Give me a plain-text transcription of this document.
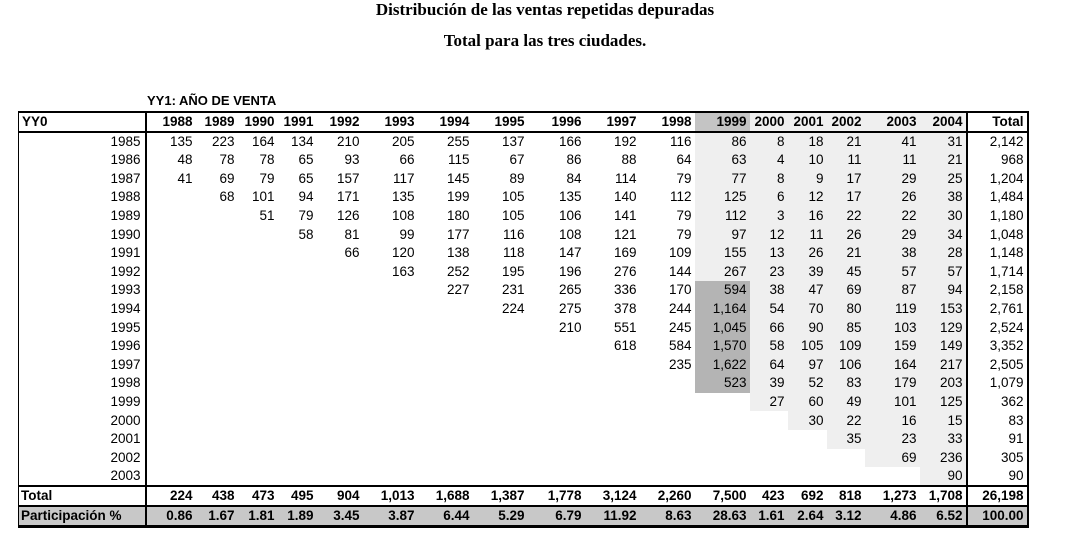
Distribución de las ventas repetidas depuradas
Total para las tres ciudades.
YY1: AÑO DE VENTA
YY0	1988	1989	1990	1991	1992	1993	1994	1995	1996	1997	1998	1999	2000	2001	2002	2003	2004	Total
1985	135	223	164	134	210	205	255	137	166	192	116	86	8	18	21	41	31	2,142
1986	48	78	78	65	93	66	115	67	86	88	64	63	4	10	11	11	21	968
1987	41	69	79	65	157	117	145	89	84	114	79	77	8	9	17	29	25	1,204
1988		68	101	94	171	135	199	105	135	140	112	125	6	12	17	26	38	1,484
1989			51	79	126	108	180	105	106	141	79	112	3	16	22	22	30	1,180
1990				58	81	99	177	116	108	121	79	97	12	11	26	29	34	1,048
1991					66	120	138	118	147	169	109	155	13	26	21	38	28	1,148
1992						163	252	195	196	276	144	267	23	39	45	57	57	1,714
1993							227	231	265	336	170	594	38	47	69	87	94	2,158
1994								224	275	378	244	1,164	54	70	80	119	153	2,761
1995									210	551	245	1,045	66	90	85	103	129	2,524
1996										618	584	1,570	58	105	109	159	149	3,352
1997											235	1,622	64	97	106	164	217	2,505
1998												523	39	52	83	179	203	1,079
1999													27	60	49	101	125	362
2000														30	22	16	15	83
2001															35	23	33	91
2002																69	236	305
2003																	90	90
Total	224	438	473	495	904	1,013	1,688	1,387	1,778	3,124	2,260	7,500	423	692	818	1,273	1,708	26,198
Participación %	0.86	1.67	1.81	1.89	3.45	3.87	6.44	5.29	6.79	11.92	8.63	28.63	1.61	2.64	3.12	4.86	6.52	100.00
